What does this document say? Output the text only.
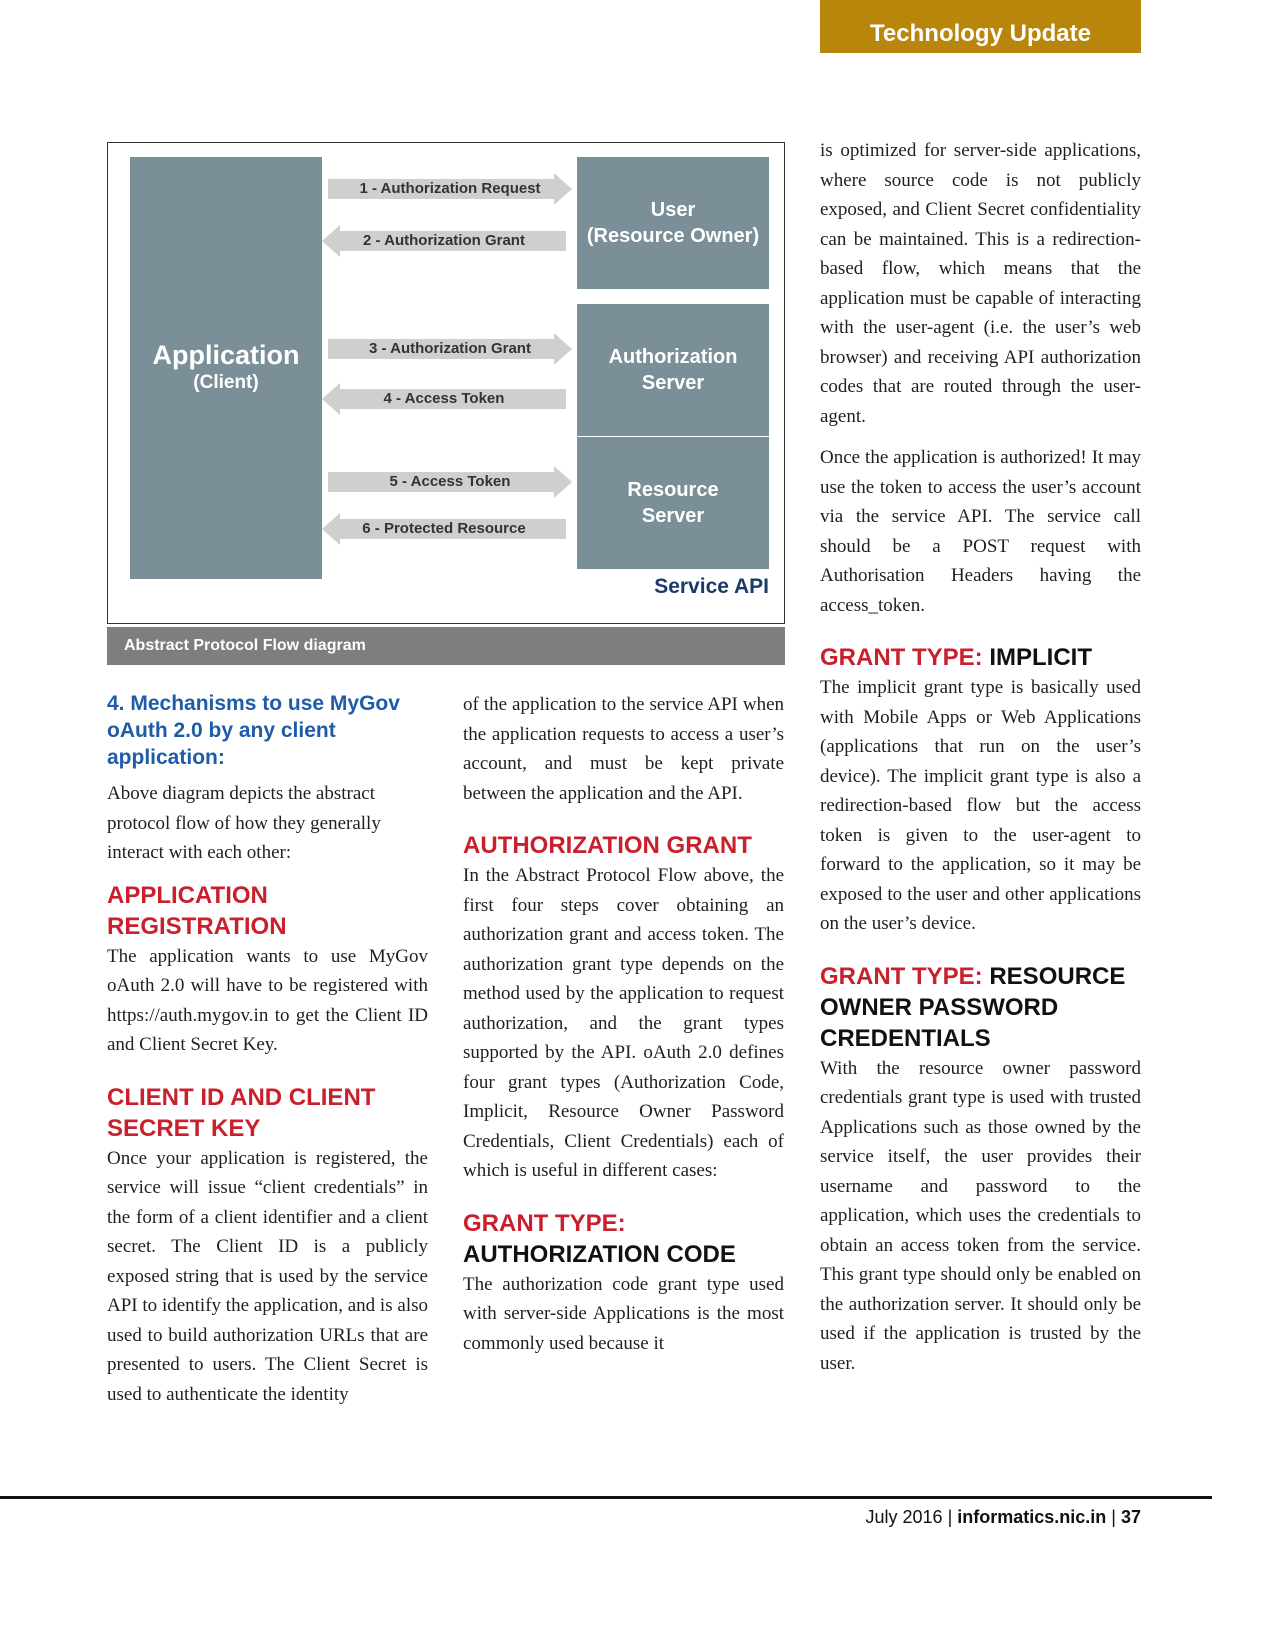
Technology Update
Application
(Client)
User
(Resource Owner)
Authorization
Server
Resource
Server
Service API
1 - Authorization Request
2 - Authorization Grant
3 - Authorization Grant
4 - Access Token
5 - Access Token
6 - Protected Resource
Abstract Protocol Flow diagram
4. Mechanisms to use MyGov oAuth 2.0 by any client application:

Above diagram depicts the abstract protocol flow of how they generally interact with each other:

APPLICATION REGISTRATION

The application wants to use MyGov oAuth 2.0 will have to be registered with https://auth.mygov.in to get the Client ID and Client Secret Key.

CLIENT ID AND CLIENT SECRET KEY

Once your application is registered, the service will issue “client credentials” in the form of a client identifier and a client secret. The Client ID is a publicly exposed string that is used by the service API to identify the application, and is also used to build authorization URLs that are presented to users. The Client Secret is used to authenticate the identity

of the application to the service API when the application requests to access a user’s account, and must be kept private between the application and the API.

AUTHORIZATION GRANT

In the Abstract Protocol Flow above, the first four steps cover obtaining an authorization grant and access token. The authorization grant type depends on the method used by the application to request authorization, and the grant types supported by the API. oAuth 2.0 defines four grant types (Authorization Code, Implicit, Resource Owner Password Credentials, Client Credentials) each of which is useful in different cases:

GRANT TYPE:
AUTHORIZATION CODE

The authorization code grant type used with server-side Applications is the most commonly used because it

is optimized for server-side applications, where source code is not publicly exposed, and Client Secret confidentiality can be maintained. This is a redirection-based flow, which means that the application must be capable of interacting with the user-agent (i.e. the user’s web browser) and receiving API authorization codes that are routed through the user-agent.

Once the application is authorized! It may use the token to access the user’s account via the service API. The service call should be a POST request with Authorisation Headers having the access_token.

GRANT TYPE: IMPLICIT

The implicit grant type is basically used with Mobile Apps or Web Applications (applications that run on the user’s device). The implicit grant type is also a redirection-based flow but the access token is given to the user-agent to forward to the application, so it may be exposed to the user and other applications on the user’s device.

GRANT TYPE: RESOURCE OWNER PASSWORD CREDENTIALS

With the resource owner password credentials grant type is used with trusted Applications such as those owned by the service itself, the user provides their username and password to the application, which uses the credentials to obtain an access token from the service. This grant type should only be enabled on the authorization server. It should only be used if the application is trusted by the user.

July 2016 | informatics.nic.in | 37
